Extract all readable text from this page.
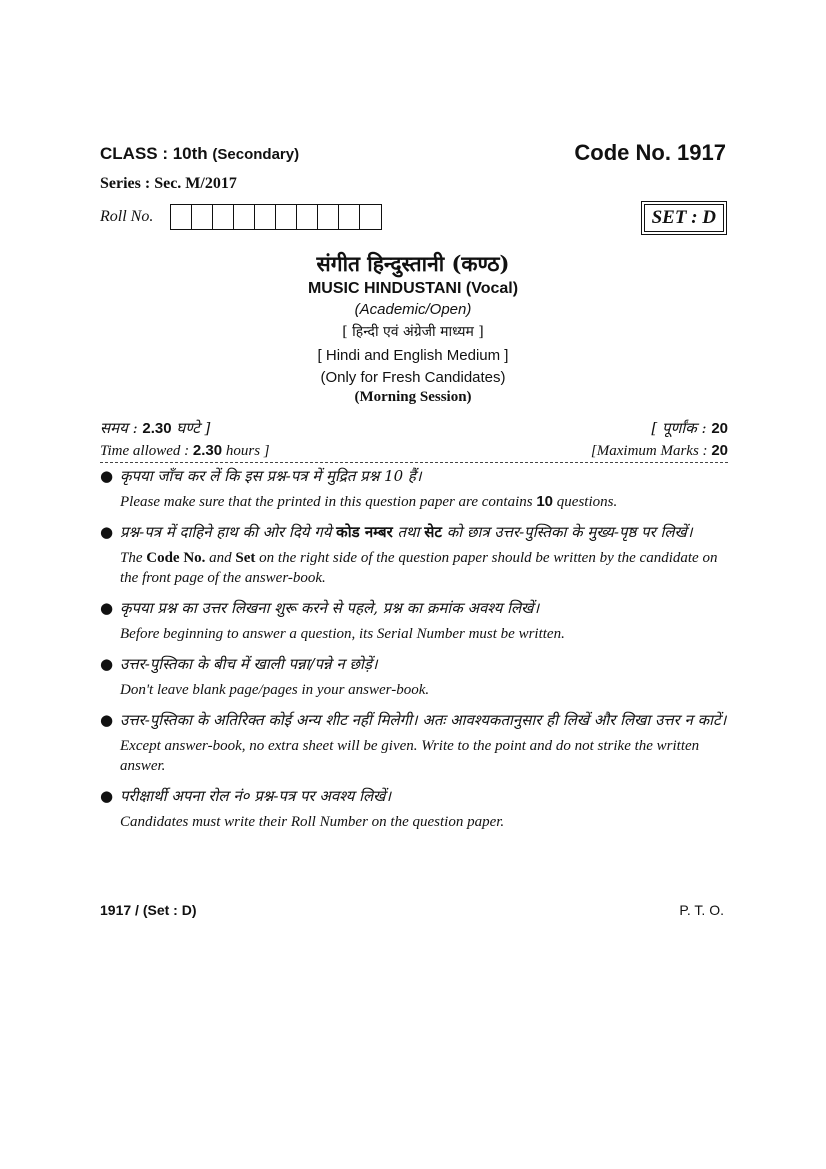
CLASS : 10th (Secondary)	Code No. 1917
Series : Sec. M/2017
Roll No.	SET : D
संगीत हिन्दुस्तानी (कण्ठ)
MUSIC HINDUSTANI (Vocal)
(Academic/Open)
[ हिन्दी एवं अंग्रेजी माध्यम ]
[ Hindi and English Medium ]
(Only for Fresh Candidates)
(Morning Session)
समय : 2.30 घण्टे ]	[ पूर्णांक : 20
Time allowed : 2.30 hours ]	[Maximum Marks : 20

● कृपया जाँच कर लें कि इस प्रश्न-पत्र में मुद्रित प्रश्न 10 हैं।

Please make sure that the printed in this question paper are contains 10 questions.

● प्रश्न-पत्र में दाहिने हाथ की ओर दिये गये कोड नम्बर तथा सेट को छात्र उत्तर-पुस्तिका के मुख्य-पृष्ठ पर लिखें।

The Code No. and Set on the right side of the question paper should be written by the candidate on the front page of the answer-book.

● कृपया प्रश्न का उत्तर लिखना शुरू करने से पहले, प्रश्न का क्रमांक अवश्य लिखें।

Before beginning to answer a question, its Serial Number must be written.

● उत्तर-पुस्तिका के बीच में खाली पन्ना/पन्ने न छोड़ें।

Don't leave blank page/pages in your answer-book.

● उत्तर-पुस्तिका के अतिरिक्त कोई अन्य शीट नहीं मिलेगी। अतः आवश्यकतानुसार ही लिखें और लिखा उत्तर न काटें।

Except answer-book, no extra sheet will be given. Write to the point and do not strike the written answer.

● परीक्षार्थी अपना रोल नं० प्रश्न-पत्र पर अवश्य लिखें।

Candidates must write their Roll Number on the question paper.

1917 / (Set : D)	P. T. O.
